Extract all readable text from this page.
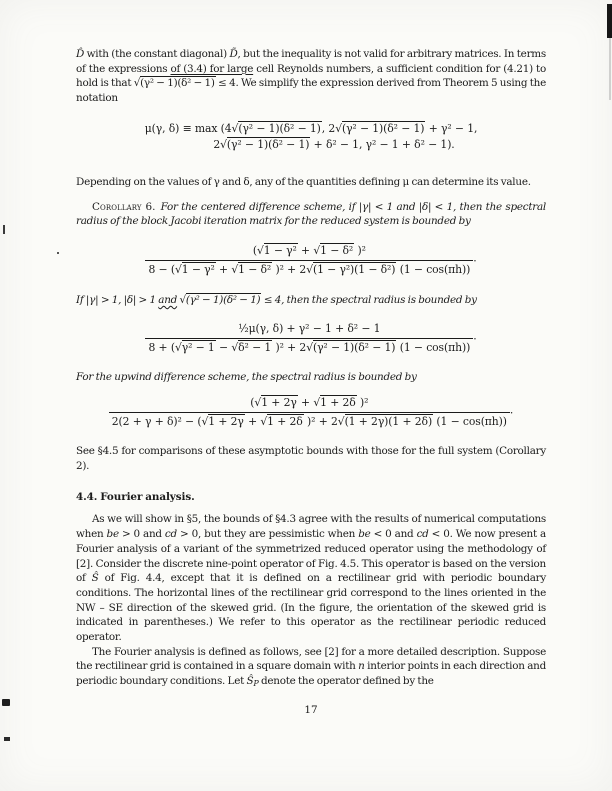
D̂ with (the constant diagonal) D̃, but the inequality is not valid for arbitrary matrices. In terms of the expressions of (3.4) for large cell Reynolds numbers, a sufficient condition for (4.21) to hold is that √(γ² − 1)(δ² − 1) ≤ 4. We simplify the expression derived from Theorem 5 using the notation

μ(γ, δ) ≡ max (4√(γ² − 1)(δ² − 1), 2√(γ² − 1)(δ² − 1) + γ² − 1,
2√(γ² − 1)(δ² − 1) + δ² − 1, γ² − 1 + δ² − 1).

Depending on the values of γ and δ, any of the quantities defining μ can determine its value.

Corollary 6. For the centered difference scheme, if |γ| < 1 and |δ| < 1, then the spectral radius of the block Jacobi iteration matrix for the reduced system is bounded by

$\frac{\text{(√1 − γ² + √1 − δ² )²}}{\text{8 − (√1 − γ² + √1 − δ² )² + 2√(1 − γ²)(1 − δ²) (1 − cos(πh))}}$ .

If |γ| > 1, |δ| > 1 and √(γ² − 1)(δ² − 1) ≤ 4, then the spectral radius is bounded by

$\frac{\text{½μ(γ, δ) + γ² − 1 + δ² − 1}}{\text{8 + (√γ² − 1 − √δ² − 1 )² + 2√(γ² − 1)(δ² − 1) (1 − cos(πh))}}$ .

For the upwind difference scheme, the spectral radius is bounded by

(√1 + 2γ + √1 + 2δ )²
2(2 + γ + δ)² − (√1 + 2γ + √1 + 2δ )² + 2√(1 + 2γ)(1 + 2δ) (1 − cos(πh))
.

See §4.5 for comparisons of these asymptotic bounds with those for the full system (Corollary 2).

4.4. Fourier analysis.

As we will show in §5, the bounds of §4.3 agree with the results of numerical computations when be > 0 and cd > 0, but they are pessimistic when be < 0 and cd < 0. We now present a Fourier analysis of a variant of the symmetrized reduced operator using the methodology of [2]. Consider the discrete nine-point operator of Fig. 4.5. This operator is based on the version of Ŝ of Fig. 4.4, except that it is defined on a rectilinear grid with periodic boundary conditions. The horizontal lines of the rectilinear grid correspond to the lines oriented in the NW – SE direction of the skewed grid. (In the figure, the orientation of the skewed grid is indicated in parentheses.) We refer to this operator as the rectilinear periodic reduced operator.

The Fourier analysis is defined as follows, see [2] for a more detailed description. Suppose the rectilinear grid is contained in a square domain with n interior points in each direction and periodic boundary conditions. Let $Ŝ_P$ denote the operator defined by the

17
